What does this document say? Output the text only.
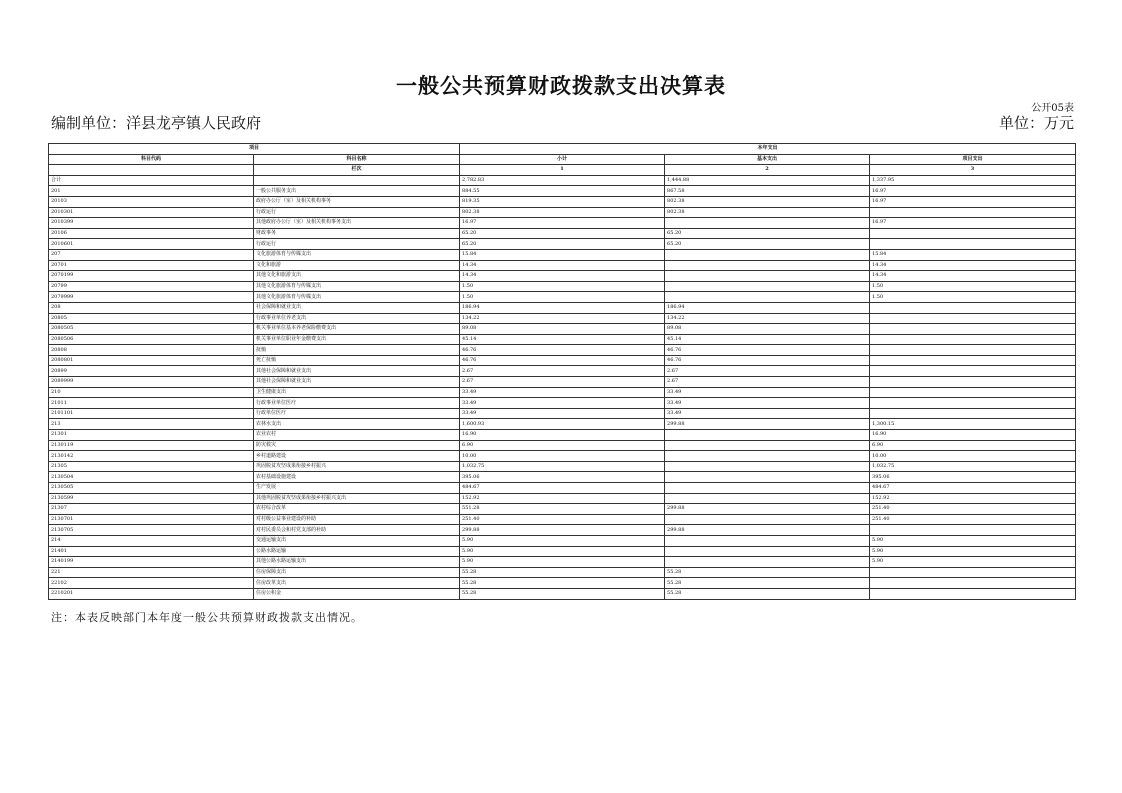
一般公共预算财政拨款支出决算表
公开05表
编制单位：洋县龙亭镇人民政府	单位：万元
项目		本年支出		
科目代码	科目名称	小计	基本支出	项目支出
	栏次	1	2	3
合计		2,782.83	1,444.88	1,337.95
201	一般公共服务支出	884.55	867.58	16.97
20103	政府办公厅（室）及相关机构事务	819.35	802.38	16.97
2010301	行政运行	802.38	802.38	
2010399	其他政府办公厅（室）及相关机构事务支出	16.97		16.97
20106	财政事务	65.20	65.20	
2010601	行政运行	65.20	65.20	
207	文化旅游体育与传媒支出	15.84		15.84
20701	文化和旅游	14.34		14.34
2070199	其他文化和旅游支出	14.34		14.34
20799	其他文化旅游体育与传媒支出	1.50		1.50
2079999	其他文化旅游体育与传媒支出	1.50		1.50
208	社会保障和就业支出	186.94	186.94	
20805	行政事业单位养老支出	134.22	134.22	
2080505	机关事业单位基本养老保险缴费支出	89.08	89.08	
2080506	机关事业单位职业年金缴费支出	45.14	45.14	
20808	抚恤	46.76	46.76	
2080801	死亡抚恤	46.76	46.76	
20899	其他社会保障和就业支出	2.67	2.67	
2089999	其他社会保障和就业支出	2.67	2.67	
210	卫生健康支出	33.49	33.49	
21011	行政事业单位医疗	33.49	33.49	
2101101	行政单位医疗	33.49	33.49	
213	农林水支出	1,600.93	299.88	1,300.15
21301	农业农村	16.90		16.90
2130119	防灾救灾	6.90		6.90
2130142	乡村道路建设	10.00		10.00
21305	巩固脱贫攻坚成果衔接乡村振兴	1,032.75		1,032.75
2130504	农村基础设施建设	395.06		395.06
2130505	生产发展	484.67		484.67
2130599	其他巩固脱贫攻坚成果衔接乡村振兴支出	152.92		152.92
21307	农村综合改革	551.28	299.88	251.40
2130701	对村级公益事业建设的补助	251.40		251.40
2130705	对村民委员会和村党支部的补助	299.88	299.88	
214	交通运输支出	5.90		5.90
21401	公路水路运输	5.90		5.90
2140199	其他公路水路运输支出	5.90		5.90
221	住房保障支出	55.28	55.28	
22102	住房改革支出	55.28	55.28	
2210201	住房公积金	55.28	55.28	
注：本表反映部门本年度一般公共预算财政拨款支出情况。
